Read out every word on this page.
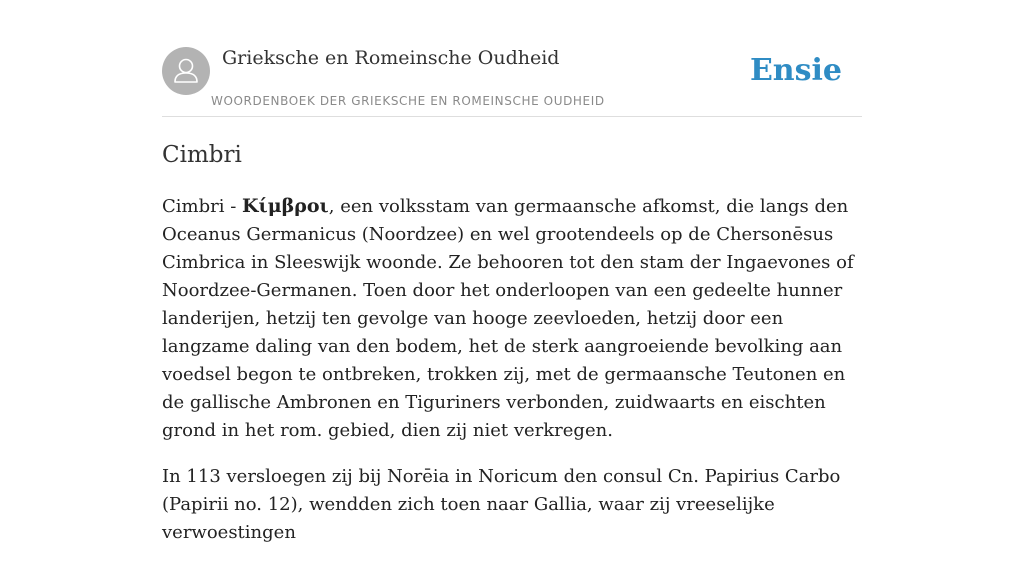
Grieksche en Romeinsche Oudheid
WOORDENBOEK DER GRIEKSCHE EN ROMEINSCHE OUDHEID
Ensie
Cimbri

Cimbri - Κίμβροι, een volksstam van germaansche afkomst, die langs den Oceanus Germanicus (Noordzee) en wel grootendeels op de Chersonēsus Cimbrica in Sleeswijk woonde. Ze behooren tot den stam der Ingaevones of Noordzee-Germanen. Toen door het onderloopen van een gedeelte hunner landerijen, hetzij ten gevolge van hooge zeevloeden, hetzij door een langzame daling van den bodem, het de sterk aangroeiende bevolking aan voedsel begon te ontbreken, trokken zij, met de germaansche Teutonen en de gallische Ambronen en Tiguriners verbonden, zuidwaarts en eischten grond in het rom. gebied, dien zij niet verkregen.

In 113 versloegen zij bij Norēia in Noricum den consul Cn. Papirius Carbo (Papirii no. 12), wendden zich toen naar Gallia, waar zij vreeselijke verwoestingen
